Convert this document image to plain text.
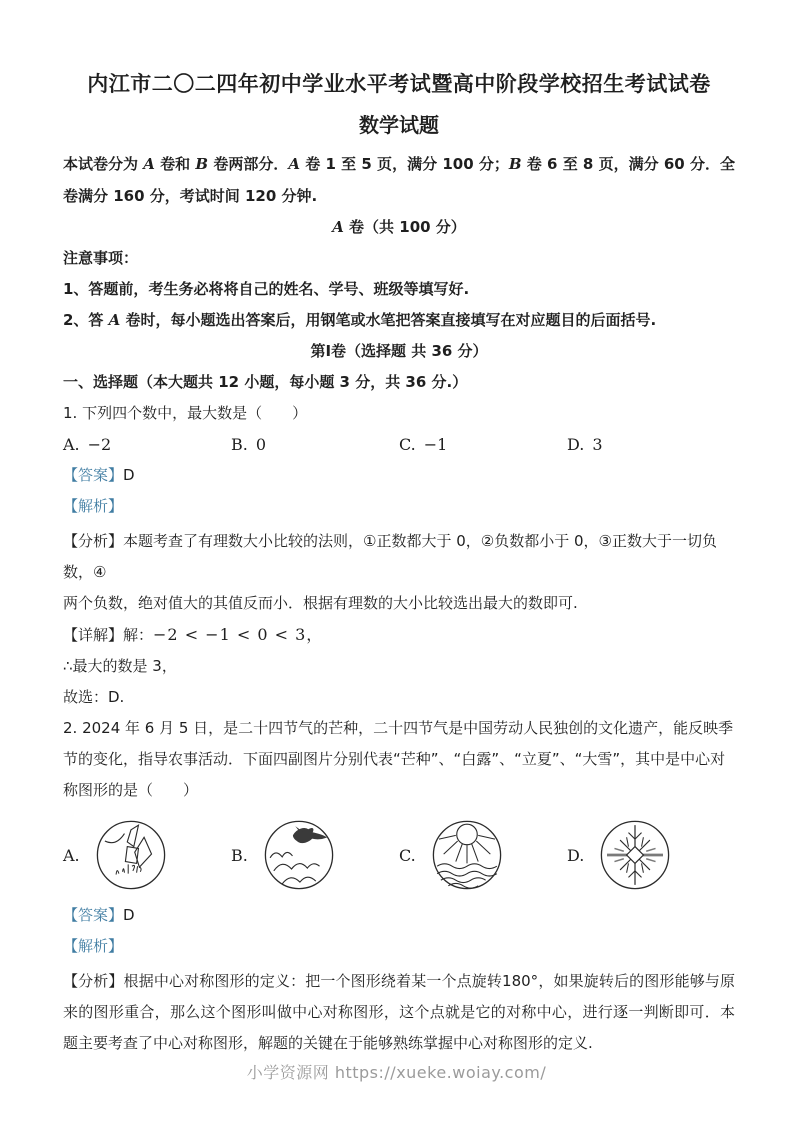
内江市二〇二四年初中学业水平考试暨高中阶段学校招生考试试卷
数学试题
本试卷分为 A 卷和 B 卷两部分．A 卷 1 至 5 页，满分 100 分；B 卷 6 至 8 页，满分 60 分．全卷满分 160 分，考试时间 120 分钟.
A 卷（共 100 分）
注意事项：
1、答题前，考生务必将将自己的姓名、学号、班级等填写好.
2、答 A 卷时，每小题选出答案后，用钢笔或水笔把答案直接填写在对应题目的后面括号.
第Ⅰ卷（选择题 共 36 分）
一、选择题（本大题共 12 小题，每小题 3 分，共 36 分.）
1. 下列四个数中，最大数是（　　）
A. −2	B. 0	C. −1	D. 3
【答案】D
【解析】
【分析】本题考查了有理数大小比较的法则，①正数都大于 0，②负数都小于 0，③正数大于一切负数，④
两个负数，绝对值大的其值反而小．根据有理数的大小比较选出最大的数即可.
【详解】解：−2 < −1 < 0 < 3，
∴最大的数是 3，
故选：D.
2. 2024 年 6 月 5 日，是二十四节气的芒种，二十四节气是中国劳动人民独创的文化遗产，能反映季节的变化，指导农事活动．下面四副图片分别代表“芒种”、“白露”、“立夏”、“大雪”，其中是中心对称图形的是（　　）
A.	B.	C.	D.
【答案】D
【解析】
【分析】根据中心对称图形的定义：把一个图形绕着某一个点旋转180°，如果旋转后的图形能够与原来的图形重合，那么这个图形叫做中心对称图形，这个点就是它的对称中心，进行逐一判断即可．本题主要考查了中心对称图形，解题的关键在于能够熟练掌握中心对称图形的定义.
小学资源网 https://xueke.woiay.com/
